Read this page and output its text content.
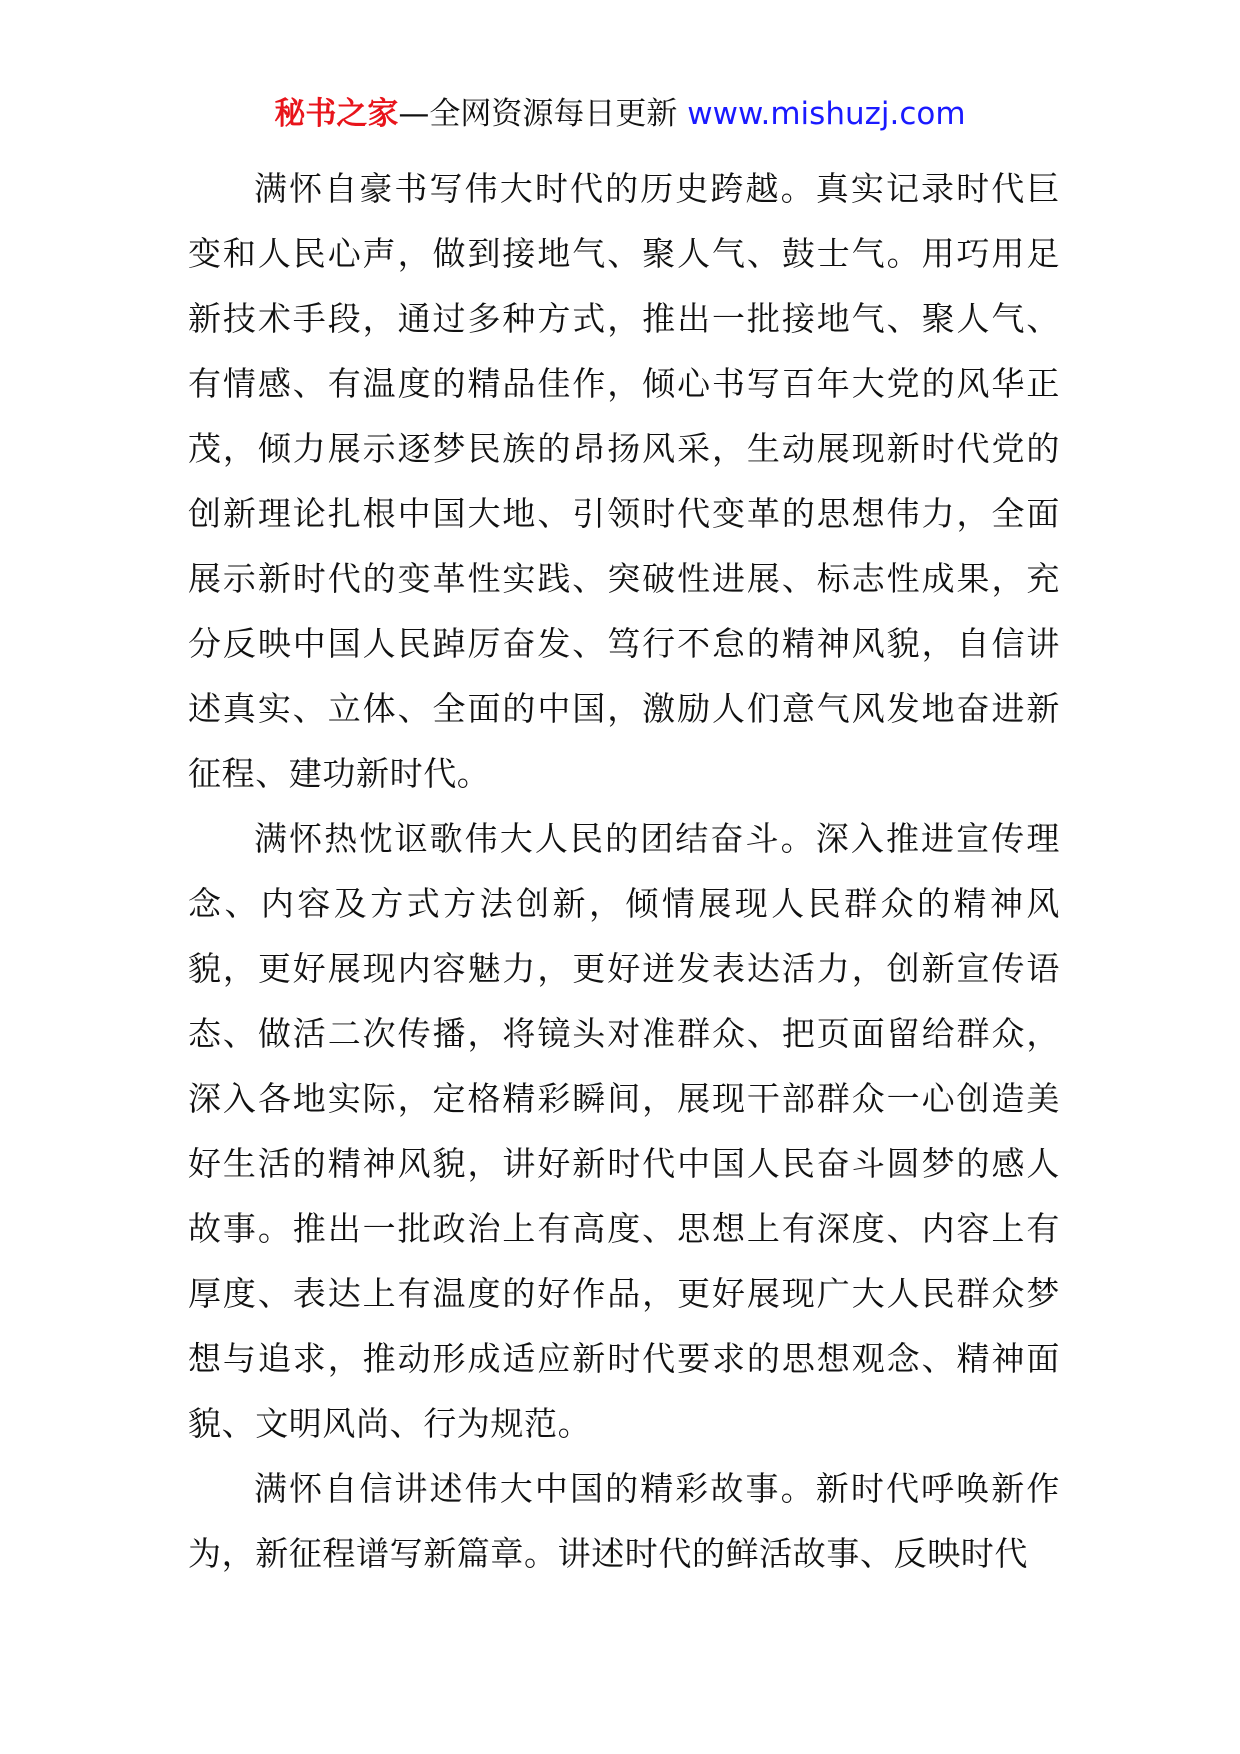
秘书之家—全网资源每日更新 www.mishuzj.com

满怀自豪书写伟大时代的历史跨越。真实记录时代巨变和人民心声，做到接地气、聚人气、鼓士气。用巧用足新技术手段，通过多种方式，推出一批接地气、聚人气、有情感、有温度的精品佳作，倾心书写百年大党的风华正茂，倾力展示逐梦民族的昂扬风采，生动展现新时代党的创新理论扎根中国大地、引领时代变革的思想伟力，全面展示新时代的变革性实践、突破性进展、标志性成果，充分反映中国人民踔厉奋发、笃行不怠的精神风貌，自信讲述真实、立体、全面的中国，激励人们意气风发地奋进新征程、建功新时代。

满怀热忱讴歌伟大人民的团结奋斗。深入推进宣传理念、内容及方式方法创新，倾情展现人民群众的精神风貌，更好展现内容魅力，更好迸发表达活力，创新宣传语态、做活二次传播，将镜头对准群众、把页面留给群众，深入各地实际，定格精彩瞬间，展现干部群众一心创造美好生活的精神风貌，讲好新时代中国人民奋斗圆梦的感人故事。推出一批政治上有高度、思想上有深度、内容上有厚度、表达上有温度的好作品，更好展现广大人民群众梦想与追求，推动形成适应新时代要求的思想观念、精神面貌、文明风尚、行为规范。

满怀自信讲述伟大中国的精彩故事。新时代呼唤新作为，新征程谱写新篇章。讲述时代的鲜活故事、反映时代
